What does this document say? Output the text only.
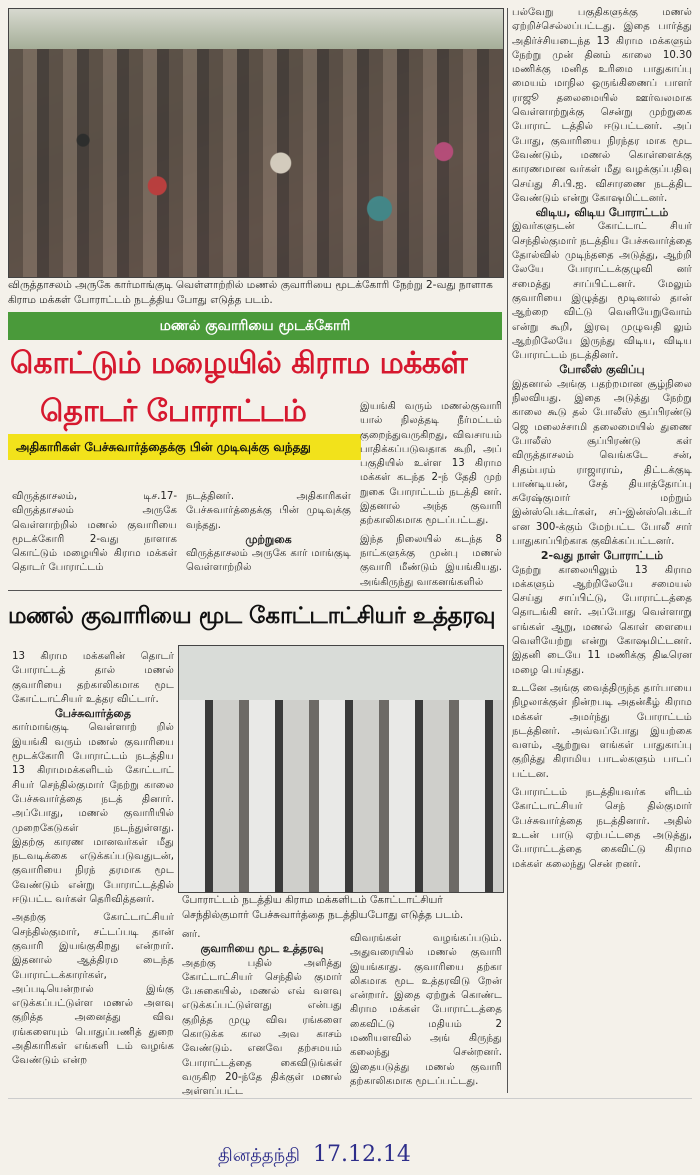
விருத்தாசலம் அருகே கார்மாங்குடி வெள்ளாற்றில் மணல் குவாரியை மூடக்கோரி நேற்று 2-வது நாளாக கிராம மக்கள் போராட்டம் நடத்திய போது எடுத்த படம்.
மணல் குவாரியை மூடக்கோரி
கொட்டும் மழையில் கிராம மக்கள்
தொடர் போராட்டம்
அதிகாரிகள் பேச்சுவார்த்தைக்கு பின் முடிவுக்கு வந்தது

இயங்கி வரும் மணல்குவாரி யால் நிலத்தடி நீர்மட்டம் குறைந்துவருகிறது, விவசாயம் பாதிக்கப்படுவதாக கூறி, அப் பகுதியில் உள்ள 13 கிராம மக்கள் கடந்த 2-ந் தேதி முற் றுகை போராட்டம் நடத்தி னர். இதனால் அந்த குவாரி தற்காலிகமாக மூடப்பட்டது.

இந்த நிலையில் கடந்த 8 நாட்களுக்கு முன்பு மணல் குவாரி மீண்டும் இயங்கியது. அங்கிருந்து வாகனங்களில்

விருத்தாசலம், டிச.17- விருத்தாசலம் அருகே வெள்ளாற்றில் மணல் குவாரியை மூடக்கோரி 2-வது நாளாக கொட்டும் மழையில் கிராம மக்கள் தொடர் போராட்டம்

நடத்தினர். அதிகாரிகள் பேச்சுவார்த்தைக்கு பின் முடிவுக்கு வந்தது.

முற்றுகை

விருத்தாசலம் அருகே கார் மாங்குடி வெள்ளாற்றில்

பல்வேறு பகுதிகளுக்கு மணல் ஏற்றிச்செல்லப்பட்டது. இதை பார்த்து அதிர்ச்சியடைந்த 13 கிராம மக்களும் நேற்று முன் தினம் காலை 10.30 மணிக்கு மனித உரிமை பாதுகாப்பு மையம் மாநில ஒருங்கிணைப் பாளர் ராஜூ தலைமையில் ஊர்வலமாக வெள்ளாற்றுக்கு சென்று முற்றுகை போராட் டத்தில் ஈடுபட்டனர். அப் போது, குவாரியை நிரந்தர மாக மூட வேண்டும், மணல் கொள்ளைக்கு காரணமான வர்கள் மீது வழக்குப்பதிவு செய்து சி.பி.ஐ. விசாரணை நடத்திட வேண்டும் என்று கோஷமிட்டனர்.

விடிய, விடிய போராட்டம்

இவர்களுடன் கோட்டாட் சியர் செந்தில்குமார் நடத்திய பேச்சுவார்த்தை தோல்வில் முடிந்ததை அடுத்து, ஆற்றி லேயே போராட்டக்குழுவி னர் சமைத்து சாப்பிட்டனர். மேலும் குவாரியை இழுத்து மூடினால் தான் ஆற்றை விட்டு வெளியேறுவோம் என்று கூறி, இரவு முழுவதி லும் ஆற்றிலேயே இருந்து விடிய, விடிய போராட்டம் நடத்தினர்.

போலீஸ் குவிப்பு

இதனால் அங்கு பதற்றமான சூழ்நிலை நிலவியது. இதை அடுத்து நேற்று காலை கூடு தல் போலீஸ் சூப்பிரண்டு ஜெ மலைச்சாமி தலைமையில் துணை போலீஸ் சூப்பிரண்டு கள் விருத்தாசலம் வெங்கடே சன், சிதம்பரம் ராஜாராம், திட்டக்குடி பாண்டியன், சேத் தியாத்தோப்பு சுரேஷ்குமார் மற்றும் இன்ஸ்பெக்டர்கள், சப்-இன்ஸ்பெக்டர் என 300-க்கும் மேற்பட்ட போலீ சார் பாதுகாப்பிற்காக குவிக்கப்பட்டனர்.

2-வது நாள் போராட்டம்

நேற்று காலையிலும் 13 கிராம மக்களும் ஆற்றிலேயே சமையல் செய்து சாப்பிட்டு, போராட்டத்தை தொடங்கி னர். அப்போது வெள்ளாறு எங்கள் ஆறு, மணல் கொள் ளையை வெளியேற்று என்று கோஷமிட்டனர். இதனி டையே 11 மணிக்கு திடீரென மழை பெய்தது.

உடனே அங்கு வைத்திருந்த தார்பாயை நிழலாக்குள் நின்றபடி அதன்கீழ் கிராம மக்கள் அமர்ந்து போராட்டம் நடத்தினர். அவ்வப்போது இயற்கை வளம், ஆற்றுவ ளங்கள் பாதுகாப்பு குறித்து கிராமிய பாடல்களும் பாடப் பட்டன.

போராட்டம் நடத்தியவர்க ளிடம் கோட்டாட்சியர் செந் தில்குமார் பேச்சுவார்த்தை நடத்தினார். அதில் உடன் பாடு ஏற்பட்டதை அடுத்து, போராட்டத்தை கைவிட்டு கிராம மக்கள் கலைந்து சென் றனர்.

மணல் குவாரியை மூட கோட்டாட்சியர் உத்தரவு

13 கிராம மக்களின் தொடர் போராட்டத் தால் மணல் குவாரியை தற்காலிகமாக மூட கோட்டாட்சியர் உத்தர விட்டார்.

பேச்சுவார்த்தை

கார்மாங்குடி வெள்ளாற் றில் இயங்கி வரும் மணல் குவாரியை மூடக்கோரி போராட்டம் நடத்திய 13 கிராமமக்களிடம் கோட்டாட் சியர் செந்தில்குமார் நேற்று காலை பேச்சுவார்த்தை நடத் தினார். அப்போது, மணல் குவாரியில் முறைகேடுகள் நடந்துள்ளது. இதற்கு காரண மானவர்கள் மீது நடவடிக்கை எடுக்கப்படுவதுடன், குவாரியை நிரந் தரமாக மூட வேண்டும் என்று போராட்டத்தில் ஈடுபட்ட வர்கள் தெரிவித்தனர்.

அதற்கு கோட்டாட்சியர் செந்தில்குமார், சட்டப்படி தான் குவாரி இயங்குகிறது என்றார். இதனால் ஆத்திரம டைந்த போராட்டக்காரர்கள், அப்படியென்றால் இங்கு எடுக்கப்பட்டுள்ள மணல் அளவு குறித்த அனைத்து விவ ரங்களையும் பொதுப்பணித் துறை அதிகாரிகள் எங்களி டம் வழங்க வேண்டும் என்ற

போராட்டம் நடத்திய கிராம மக்களிடம் கோட்டாட்சியர் செந்தில்குமார் பேச்சுவார்த்தை நடத்தியபோது எடுத்த படம்.

னர்.

குவாரியை மூட உத்தரவு

அதற்கு பதில் அளித்து கோட்டாட்சியர் செந்தில் குமார் பேசுகையில், மணல் எவ் வளவு எடுக்கப்பட்டுள்ளது என்பது குறித்த முழு விவ ரங்களை கொடுக்க கால அவ காசம் வேண்டும். எனவே தற்சமயம் போராட்டத்தை கைவிடுங்கள் வருகிற 20-ந்தே திக்குள் மணல் அள்ளப்பட்ட

விவரங்கள் வழங்கப்படும். அதுவரையில் மணல் குவாரி இயங்காது. குவாரியை தற்கா லிகமாக மூட உத்தரவிடு றேன் என்றார். இதை ஏற்றுக் கொண்ட கிராம மக்கள் போராட்டத்தை கைவிட்டு மதியம் 2 மணியளவில் அங் கிருந்து கலைந்து சென்றனர். இதையடுத்து மணல் குவாரி தற்காலிகமாக மூடப்பட்டது.
தினத்தந்தி 17.12.14
